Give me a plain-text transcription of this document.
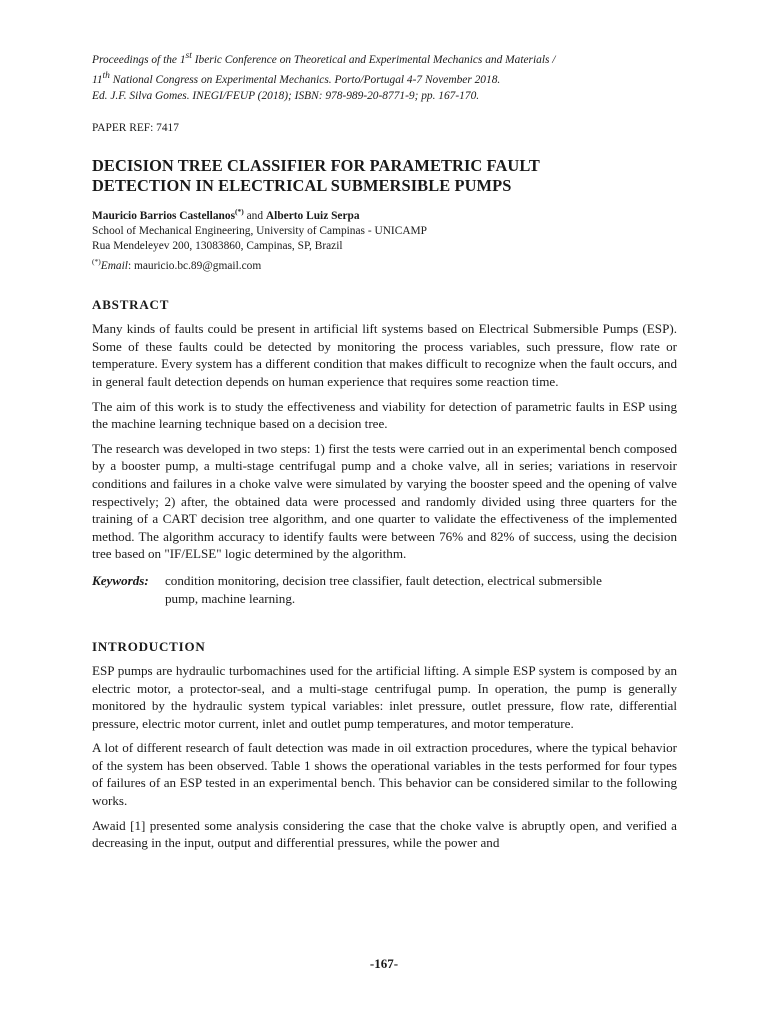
Proceedings of the 1st Iberic Conference on Theoretical and Experimental Mechanics and Materials /
11th National Congress on Experimental Mechanics. Porto/Portugal 4-7 November 2018.
Ed. J.F. Silva Gomes. INEGI/FEUP (2018); ISBN: 978-989-20-8771-9; pp. 167-170.
PAPER REF: 7417
DECISION TREE CLASSIFIER FOR PARAMETRIC FAULT
DETECTION IN ELECTRICAL SUBMERSIBLE PUMPS
Mauricio Barrios Castellanos(*) and Alberto Luiz Serpa
School of Mechanical Engineering, University of Campinas - UNICAMP
Rua Mendeleyev 200, 13083860, Campinas, SP, Brazil
(*)Email: mauricio.bc.89@gmail.com
ABSTRACT

Many kinds of faults could be present in artificial lift systems based on Electrical Submersible Pumps (ESP). Some of these faults could be detected by monitoring the process variables, such pressure, flow rate or temperature. Every system has a different condition that makes difficult to recognize when the fault occurs, and in general fault detection depends on human experience that requires some reaction time.

The aim of this work is to study the effectiveness and viability for detection of parametric faults in ESP using the machine learning technique based on a decision tree.

The research was developed in two steps: 1) first the tests were carried out in an experimental bench composed by a booster pump, a multi-stage centrifugal pump and a choke valve, all in series; variations in reservoir conditions and failures in a choke valve were simulated by varying the booster speed and the opening of valve respectively; 2) after, the obtained data were processed and randomly divided using three quarters for the training of a CART decision tree algorithm, and one quarter to validate the effectiveness of the implemented method. The algorithm accuracy to identify faults were between 76% and 82% of success, using the decision tree based on "IF/ELSE" logic determined by the algorithm.

Keywords:	condition monitoring, decision tree classifier, fault detection, electrical submersible pump, machine learning.
INTRODUCTION

ESP pumps are hydraulic turbomachines used for the artificial lifting. A simple ESP system is composed by an electric motor, a protector-seal, and a multi-stage centrifugal pump. In operation, the pump is generally monitored by the hydraulic system typical variables: inlet pressure, outlet pressure, flow rate, differential pressure, electric motor current, inlet and outlet pump temperatures, and motor temperature.

A lot of different research of fault detection was made in oil extraction procedures, where the typical behavior of the system has been observed. Table 1 shows the operational variables in the tests performed for four types of failures of an ESP tested in an experimental bench. This behavior can be considered similar to the following works.

Awaid [1] presented some analysis considering the case that the choke valve is abruptly open, and verified a decreasing in the input, output and differential pressures, while the power and

-167-
